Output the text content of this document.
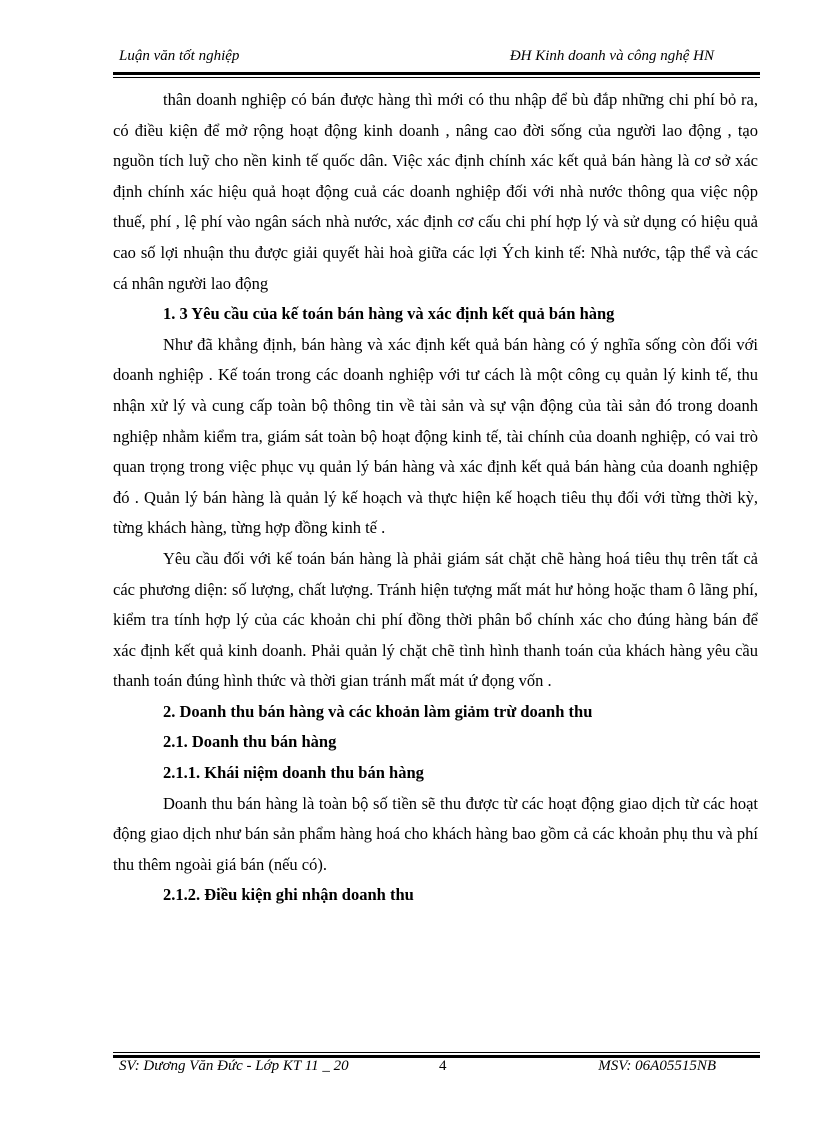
Luận văn tốt nghiệp	ĐH Kinh doanh và công nghệ HN

thân doanh nghiệp có bán được hàng thì mới có thu nhập để bù đắp những chi phí bỏ ra, có điều kiện để mở rộng hoạt động kinh doanh , nâng cao đời sống của người lao động , tạo nguồn tích luỹ cho nền kinh tế quốc dân. Việc xác định chính xác kết quả bán hàng là cơ sở xác định chính xác hiệu quả hoạt động cuả các doanh nghiệp đối với nhà nước thông qua việc nộp thuế, phí , lệ phí vào ngân sách nhà nước, xác định cơ cấu chi phí hợp lý và sử dụng có hiệu quả cao số lợi nhuận thu được giải quyết hài hoà giữa các lợi Ých kinh tế: Nhà nước, tập thể và các cá nhân người lao động

1. 3 Yêu cầu của kế toán bán hàng và xác định kết quả bán hàng

Như đã khẳng định, bán hàng và xác định kết quả bán hàng có ý nghĩa sống còn đối với doanh nghiệp . Kế toán trong các doanh nghiệp với tư cách là một công cụ quản lý kinh tế, thu nhận xử lý và cung cấp toàn bộ thông tin về tài sản và sự vận động của tài sản đó trong doanh nghiệp nhằm kiểm tra, giám sát toàn bộ hoạt động kinh tế, tài chính của doanh nghiệp, có vai trò quan trọng trong việc phục vụ quản lý bán hàng và xác định kết quả bán hàng của doanh nghiệp đó . Quản lý bán hàng là quản lý kế hoạch và thực hiện kế hoạch tiêu thụ đối với từng thời kỳ, từng khách hàng, từng hợp đồng kinh tế .

Yêu cầu đối với kế toán bán hàng là phải giám sát chặt chẽ hàng hoá tiêu thụ trên tất cả các phương diện: số lượng, chất lượng. Tránh hiện tượng mất mát hư hỏng hoặc tham ô lãng phí, kiểm tra tính hợp lý của các khoản chi phí đồng thời phân bổ chính xác cho đúng hàng bán để xác định kết quả kinh doanh. Phải quản lý chặt chẽ tình hình thanh toán của khách hàng yêu cầu thanh toán đúng hình thức và thời gian tránh mất mát ứ đọng vốn .

2. Doanh thu bán hàng và các khoản làm giảm trừ doanh thu

2.1. Doanh thu bán hàng

2.1.1. Khái niệm doanh thu bán hàng

Doanh thu bán hàng là toàn bộ số tiền sẽ thu được từ các hoạt động giao dịch từ các hoạt động giao dịch như bán sản phẩm hàng hoá cho khách hàng bao gồm cả các khoản phụ thu và phí thu thêm ngoài giá bán (nếu có).

2.1.2. Điều kiện ghi nhận doanh thu

SV: Dương Văn Đức - Lớp KT 11 _ 20	4	MSV: 06A05515NB
